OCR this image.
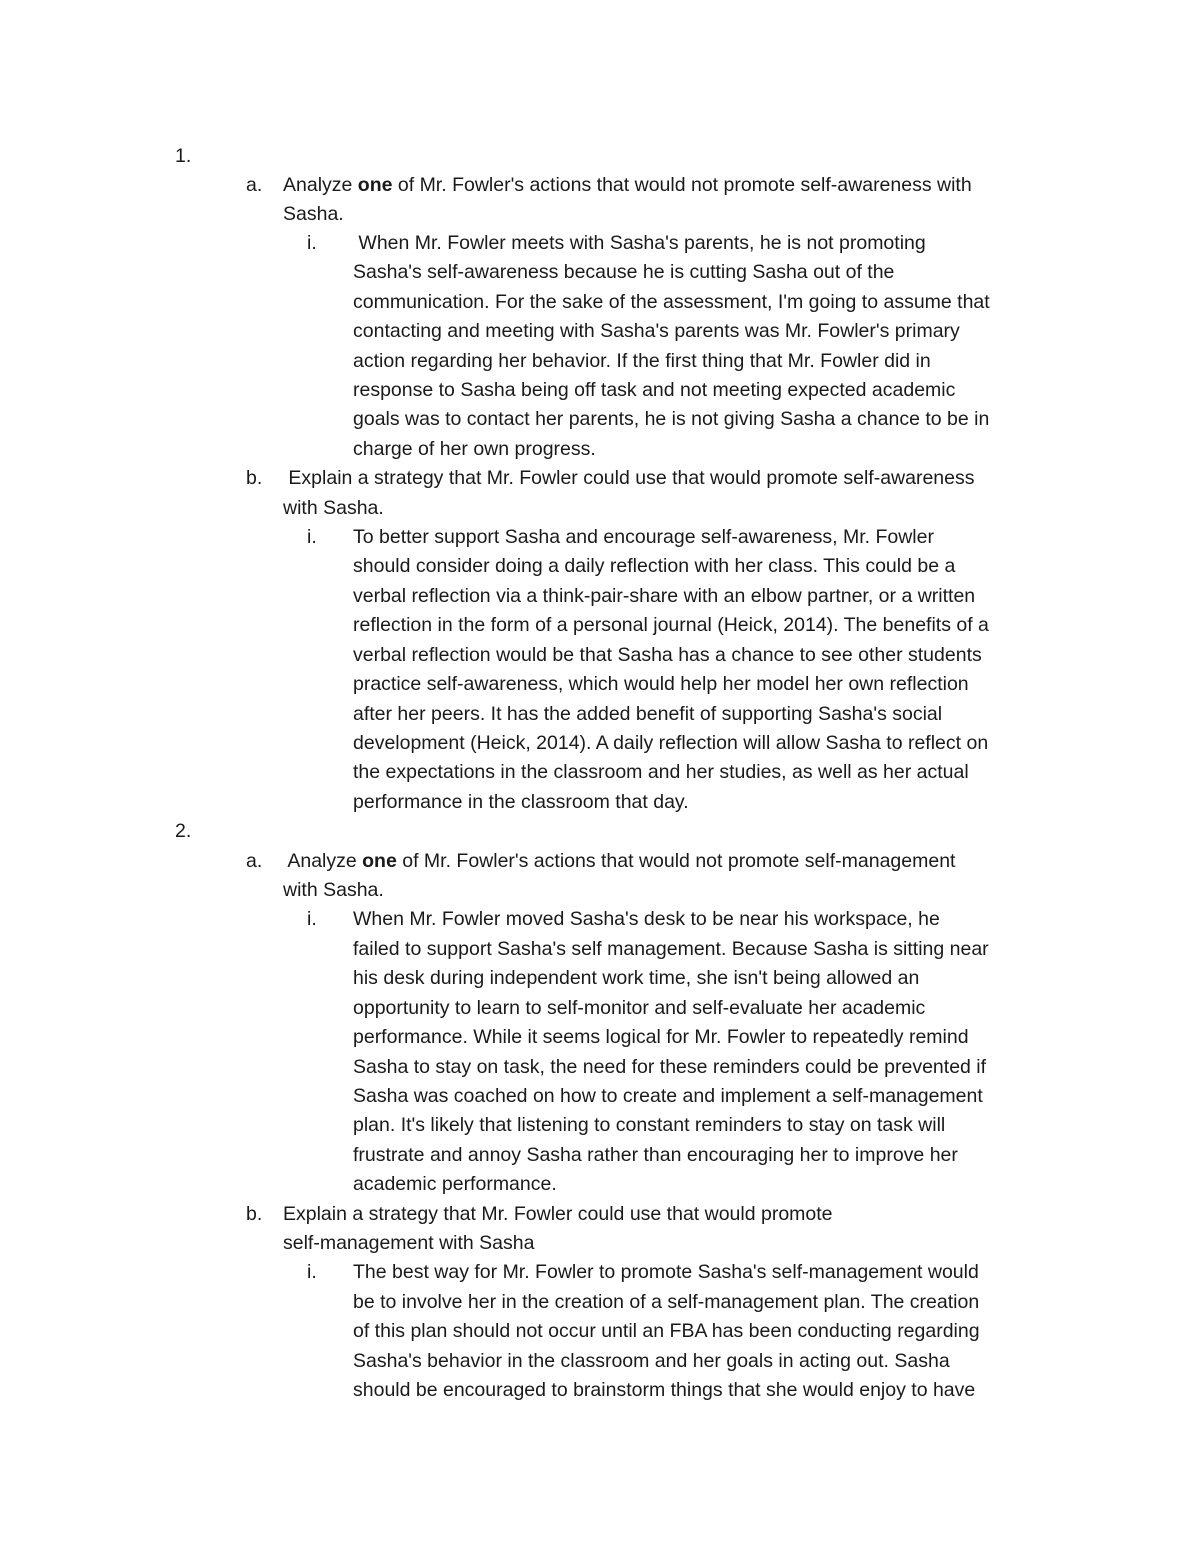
1.

a. Analyze one of Mr. Fowler's actions that would not promote self-awareness with

Sasha.

i. When Mr. Fowler meets with Sasha's parents, he is not promoting

Sasha's self-awareness because he is cutting Sasha out of the

communication. For the sake of the assessment, I'm going to assume that

contacting and meeting with Sasha's parents was Mr. Fowler's primary

action regarding her behavior. If the first thing that Mr. Fowler did in

response to Sasha being off task and not meeting expected academic

goals was to contact her parents, he is not giving Sasha a chance to be in

charge of her own progress.

b. Explain a strategy that Mr. Fowler could use that would promote self-awareness

with Sasha.

i. To better support Sasha and encourage self-awareness, Mr. Fowler

should consider doing a daily reflection with her class. This could be a

verbal reflection via a think-pair-share with an elbow partner, or a written

reflection in the form of a personal journal (Heick, 2014). The benefits of a

verbal reflection would be that Sasha has a chance to see other students

practice self-awareness, which would help her model her own reflection

after her peers. It has the added benefit of supporting Sasha's social

development (Heick, 2014). A daily reflection will allow Sasha to reflect on

the expectations in the classroom and her studies, as well as her actual

performance in the classroom that day.

2.

a. Analyze one of Mr. Fowler's actions that would not promote self-management

with Sasha.

i. When Mr. Fowler moved Sasha's desk to be near his workspace, he

failed to support Sasha's self management. Because Sasha is sitting near

his desk during independent work time, she isn't being allowed an

opportunity to learn to self-monitor and self-evaluate her academic

performance. While it seems logical for Mr. Fowler to repeatedly remind

Sasha to stay on task, the need for these reminders could be prevented if

Sasha was coached on how to create and implement a self-management

plan. It's likely that listening to constant reminders to stay on task will

frustrate and annoy Sasha rather than encouraging her to improve her

academic performance.

b. Explain a strategy that Mr. Fowler could use that would promote

self-management with Sasha

i. The best way for Mr. Fowler to promote Sasha's self-management would

be to involve her in the creation of a self-management plan. The creation

of this plan should not occur until an FBA has been conducting regarding

Sasha's behavior in the classroom and her goals in acting out. Sasha

should be encouraged to brainstorm things that she would enjoy to have
